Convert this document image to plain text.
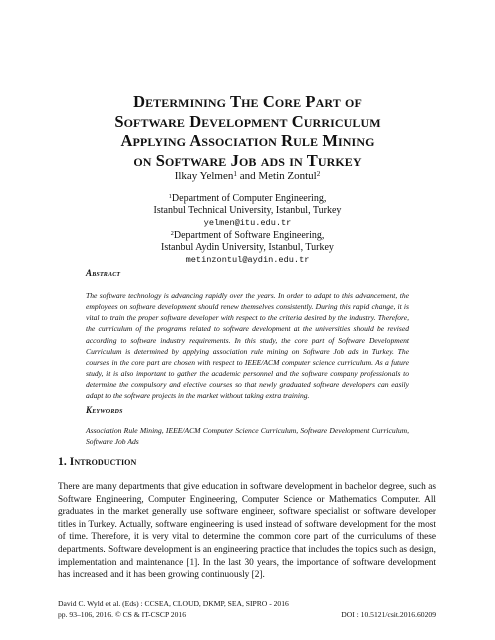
Determining The Core Part of
Software Development Curriculum
Applying Association Rule Mining
on Software Job ads in Turkey
Ilkay Yelmen$^1$ and Metin Zontul$^2$
$^1$Department of Computer Engineering,
Istanbul Technical University, Istanbul, Turkey
yelmen@itu.edu.tr
$^2$Department of Software Engineering,
Istanbul Aydin University, Istanbul, Turkey
metinzontul@aydin.edu.tr
Abstract
The software technology is advancing rapidly over the years. In order to adapt to this advancement, the employees on software development should renew themselves consistently. During this rapid change, it is vital to train the proper software developer with respect to the criteria desired by the industry. Therefore, the curriculum of the programs related to software development at the universities should be revised according to software industry requirements. In this study, the core part of Software Development Curriculum is determined by applying association rule mining on Software Job ads in Turkey. The courses in the core part are chosen with respect to IEEE/ACM computer science curriculum. As a future study, it is also important to gather the academic personnel and the software company professionals to determine the compulsory and elective courses so that newly graduated software developers can easily adapt to the software projects in the market without taking extra training.
Keywords
Association Rule Mining, IEEE/ACM Computer Science Curriculum, Software Development Curriculum, Software Job Ads
1. Introduction
There are many departments that give education in software development in bachelor degree, such as Software Engineering, Computer Engineering, Computer Science or Mathematics Computer. All graduates in the market generally use software engineer, software specialist or software developer titles in Turkey. Actually, software engineering is used instead of software development for the most of time. Therefore, it is very vital to determine the common core part of the curriculums of these departments. Software development is an engineering practice that includes the topics such as design, implementation and maintenance [1]. In the last 30 years, the importance of software development has increased and it has been growing continuously [2].
David C. Wyld et al. (Eds) : CCSEA, CLOUD, DKMP, SEA, SIPRO - 2016
pp. 93–106, 2016. © CS & IT-CSCP 2016	DOI : 10.5121/csit.2016.60209
